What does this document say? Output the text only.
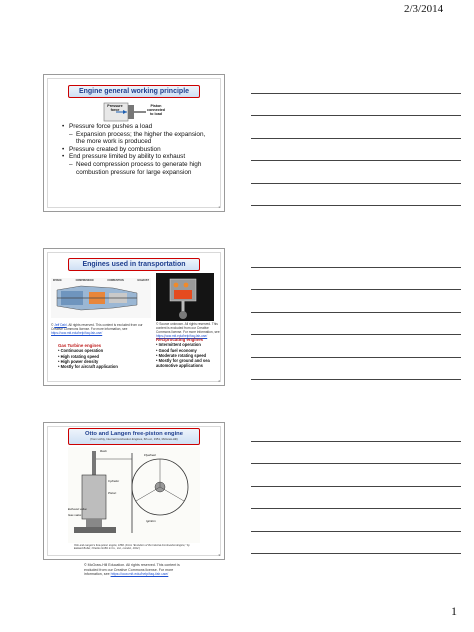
2/3/2014
Engine general working principle
Pressure force
Piston connected to load
• Pressure force pushes a load
– Expansion process; the higher the expansion, the more work is produced
• Pressure created by combustion
• End pressure limited by ability to exhaust
– Need compression process to generate high combustion pressure for large expansion
1
Engines used in transportation
INTAKE	COMPRESSION	COMBUSTION	EXHAUST
© Jeff Dahl. All rights reserved. This content is excluded from our Creative Commons license. For more information, see https://ocw.mit.edu/help/faq-fair-use/
© Source unknown. All rights reserved. This content is excluded from our Creative Commons license. For more information, see https://ocw.mit.edu/help/faq-fair-use/
Gas Turbine engines
• Continuous operation
• High rotating speed
• High power density
• Mostly for aircraft application
Reciprocating engines
• Intermittent operation
• Good fuel economy
• Moderate rotating speed
• Mostly for ground and sea automotive applications
2
Otto and Langen free-piston engine
(from Lichty, Internal Combustion Engines, 6th ed., 1951, McGraw-Hill)
Rack
Flywheel
Cylinder
Piston
Exhaust valve
Gas valve
Ignition
Otto and Langen's free-piston engine, 1866. (From "Evolution of the Internal-Combustion Engine," by Edward Butler, Charles Griffin & Co., Ltd., London, 1912.)
3
© McGraw-Hill Education. All rights reserved. This content is excluded from our Creative Commons license. For more information, see https://ocw.mit.edu/help/faq-fair-use/
1
